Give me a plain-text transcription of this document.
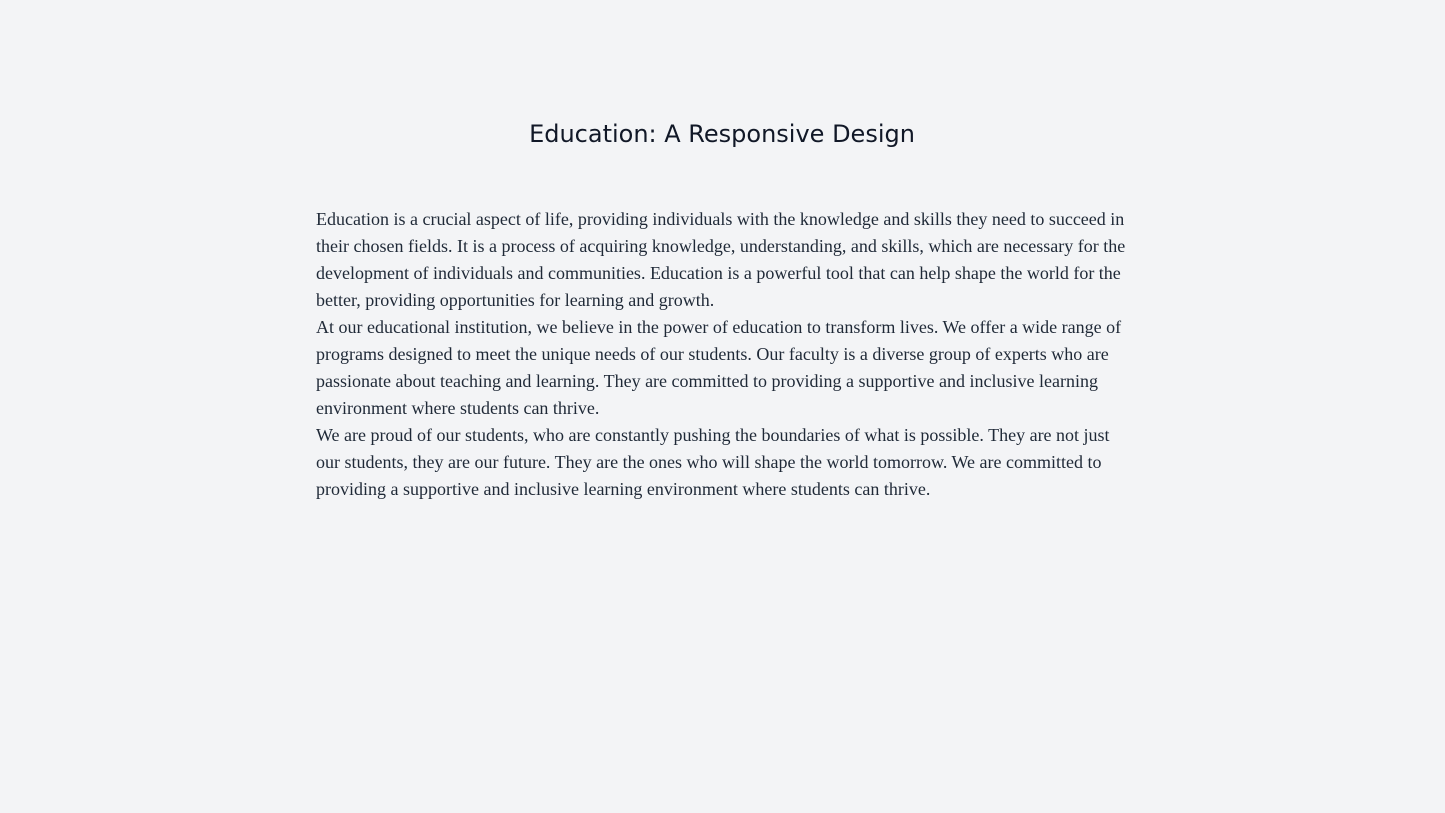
Education: A Responsive Design

Education is a crucial aspect of life, providing individuals with the knowledge and skills they need to succeed in their chosen fields. It is a process of acquiring knowledge, understanding, and skills, which are necessary for the development of individuals and communities. Education is a powerful tool that can help shape the world for the better, providing opportunities for learning and growth.

At our educational institution, we believe in the power of education to transform lives. We offer a wide range of programs designed to meet the unique needs of our students. Our faculty is a diverse group of experts who are passionate about teaching and learning. They are committed to providing a supportive and inclusive learning environment where students can thrive.

We are proud of our students, who are constantly pushing the boundaries of what is possible. They are not just our students, they are our future. They are the ones who will shape the world tomorrow. We are committed to providing a supportive and inclusive learning environment where students can thrive.
